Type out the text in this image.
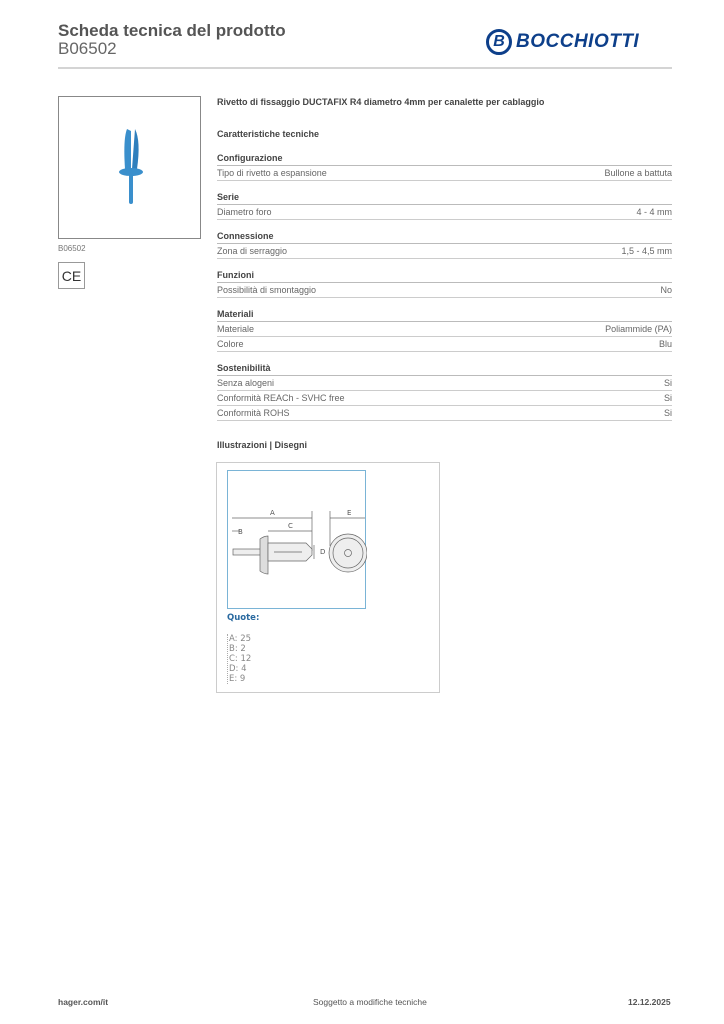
Scheda tecnica del prodotto
B06502	B BOCCHIOTTI
B06502
CE
Rivetto di fissaggio DUCTAFIX R4 diametro 4mm per canalette per cablaggio
Caratteristiche tecniche
Configurazione
Tipo di rivetto a espansione	Bullone a battuta
Serie
Diametro foro	4 - 4 mm
Connessione
Zona di serraggio	1,5 - 4,5 mm
Funzioni
Possibilità di smontaggio	No
Materiali
Materiale	Poliammide (PA)
Colore	Blu
Sostenibilità
Senza alogeni	Si
Conformità REACh - SVHC free	Si
Conformità ROHS	Si
Illustrazioni | Disegni
A
B
C
D
E
Quote:
A: 25
B: 2
C: 12
D: 4
E: 9
hager.com/it	Soggetto a modifiche tecniche	12.12.2025
